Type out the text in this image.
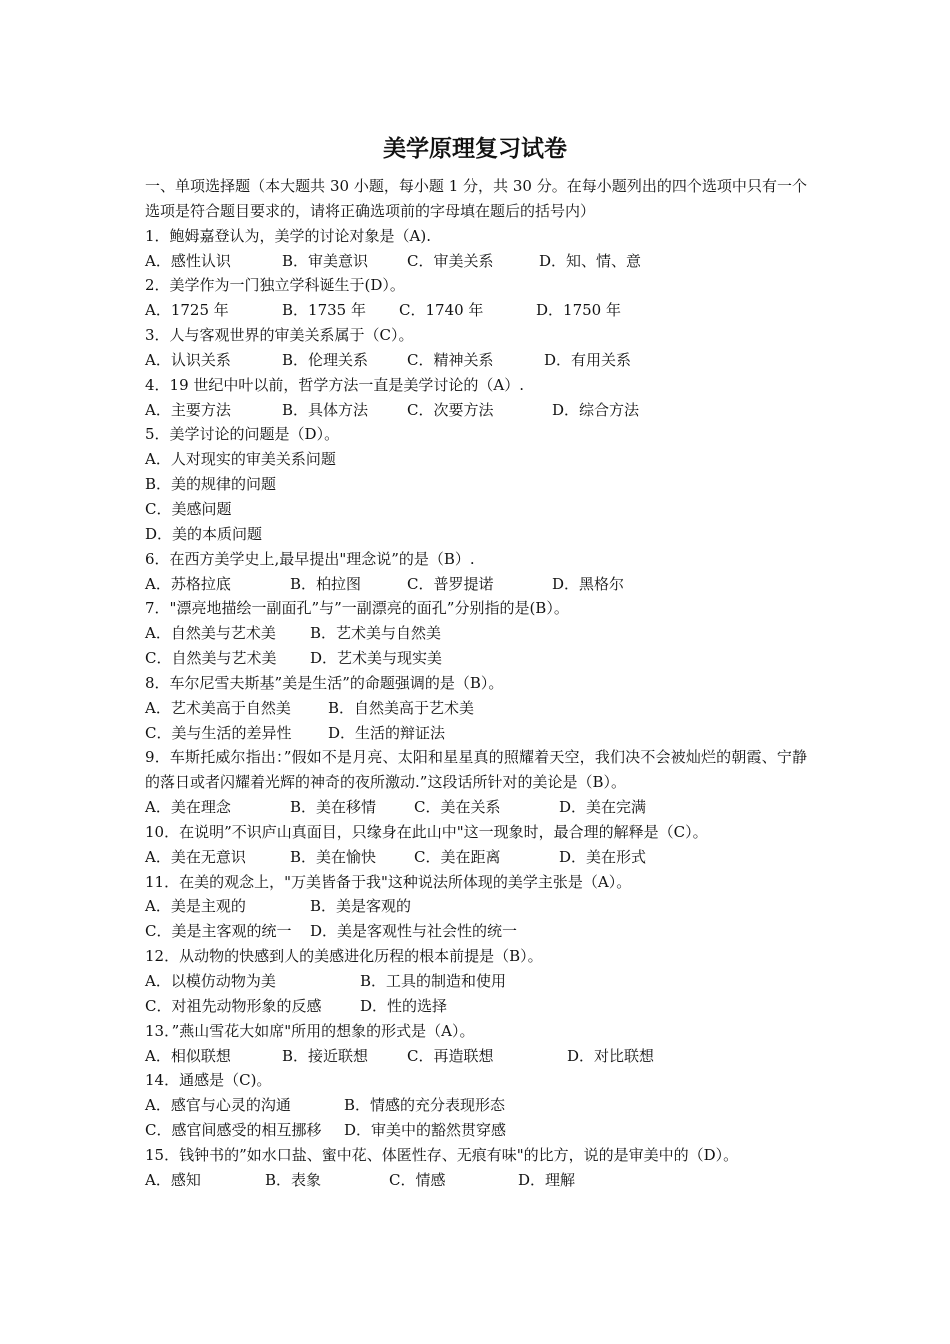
美学原理复习试卷
一、单项选择题（本大题共 30 小题，每小题 1 分，共 30 分。在每小题列出的四个选项中只有一个选项是符合题目要求的，请将正确选项前的字母填在题后的括号内）
1．鲍姆嘉登认为，美学的讨论对象是（A).
A．感性认识	B．审美意识	C．审美关系	D．知、情、意
2．美学作为一门独立学科诞生于(D）。
A．1725 年	B．1735 年	C．1740 年	D．1750 年
3．人与客观世界的审美关系属于（C）。
A．认识关系	B．伦理关系	C．精神关系	D．有用关系
4．19 世纪中叶以前，哲学方法一直是美学讨论的（A）.
A．主要方法	B．具体方法	C．次要方法	D．综合方法
5．美学讨论的问题是（D）。
A．人对现实的审美关系问题
B．美的规律的问题
C．美感问题
D．美的本质问题
6．在西方美学史上,最早提出"理念说”的是（B）.
A．苏格拉底	B．柏拉图	C．普罗提诺	D．黑格尔
7．"漂亮地描绘一副面孔”与”一副漂亮的面孔”分别指的是(B）。
A．自然美与艺术美	B．艺术美与自然美
C．自然美与艺术美	D．艺术美与现实美
8．车尔尼雪夫斯基”美是生活”的命题强调的是（B）。
A．艺术美高于自然美	B．自然美高于艺术美
C．美与生活的差异性	D．生活的辩证法
9．车斯托威尔指出：”假如不是月亮、太阳和星星真的照耀着天空，我们决不会被灿烂的朝霞、宁静的落日或者闪耀着光辉的神奇的夜所激动.”这段话所针对的美论是（B）。
A．美在理念	B．美在移情	C．美在关系	D．美在完满
10．在说明”不识庐山真面目，只缘身在此山中"这一现象时，最合理的解释是（C）。
A．美在无意识	B．美在愉快	C．美在距离	D．美在形式
11．在美的观念上，"万美皆备于我"这种说法所体现的美学主张是（A）。
A．美是主观的	B．美是客观的
C．美是主客观的统一	D．美是客观性与社会性的统一
12．从动物的快感到人的美感进化历程的根本前提是（B）。
A．以模仿动物为美	B．工具的制造和使用
C．对祖先动物形象的反感	D．性的选择
13．”燕山雪花大如席"所用的想象的形式是（A）。
A．相似联想	B．接近联想	C．再造联想	D．对比联想
14．通感是（C)。
A．感官与心灵的沟通	B．情感的充分表现形态
C．感官间感受的相互挪移	D．审美中的豁然贯穿感
15．钱钟书的”如水口盐、蜜中花、体匿性存、无痕有味"的比方，说的是审美中的（D）。
A．感知	B．表象	C．情感	D．理解
